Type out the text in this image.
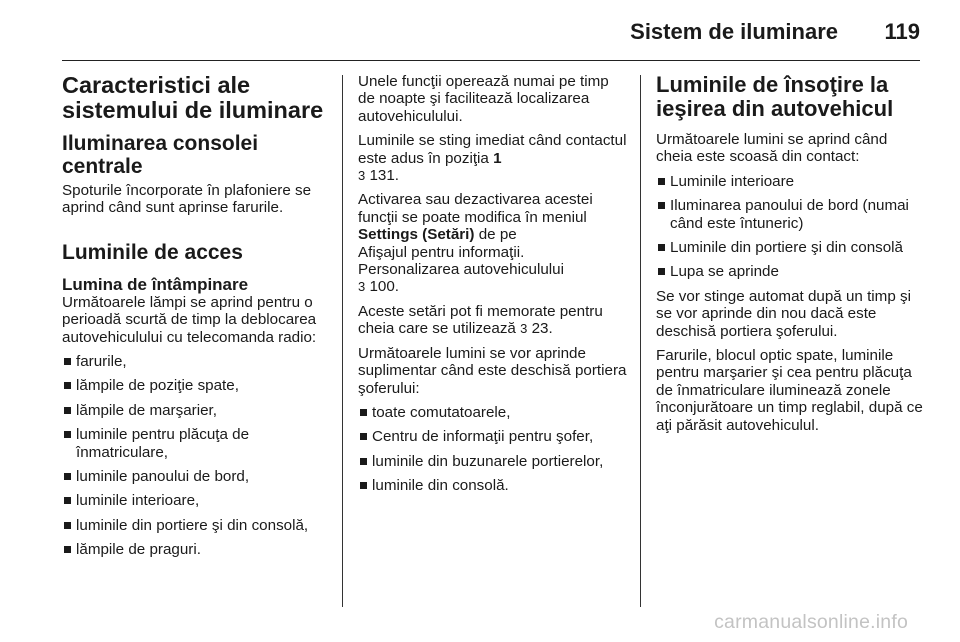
Sistem de iluminare 119
Caracteristici ale sistemului de iluminare
Iluminarea consolei centrale

Spoturile încorporate în plafoniere se aprind când sunt aprinse farurile.

Luminile de acces
Lumina de întâmpinare

Următoarele lămpi se aprind pentru o perioadă scurtă de timp la deblocarea autovehiculului cu telecomanda radio:

farurile,
lămpile de poziţie spate,
lămpile de marşarier,
luminile pentru plăcuţa de înmatriculare,
luminile panoului de bord,
luminile interioare,
luminile din portiere şi din consolă,
lămpile de praguri.

Unele funcţii operează numai pe timp de noapte şi facilitează localizarea autovehiculului.

Luminile se sting imediat când contactul este adus în poziţia 1
3 131.

Activarea sau dezactivarea acestei funcţii se poate modifica în meniul
Settings (Setări) de pe
Afişajul pentru informaţii.
Personalizarea autovehiculului
3 100.

Aceste setări pot fi memorate pentru cheia care se utilizează 3 23.

Următoarele lumini se vor aprinde suplimentar când este deschisă portiera şoferului:

toate comutatoarele,
Centru de informaţii pentru şofer,
luminile din buzunarele portierelor,
luminile din consolă.
Luminile de însoţire la ieşirea din autovehicul

Următoarele lumini se aprind când cheia este scoasă din contact:

Luminile interioare
Iluminarea panoului de bord (numai când este întuneric)
Luminile din portiere şi din consolă
Lupa se aprinde

Se vor stinge automat după un timp şi se vor aprinde din nou dacă este deschisă portiera şoferului.

Farurile, blocul optic spate, luminile pentru marşarier şi cea pentru plăcuţa de înmatriculare iluminează zonele înconjurătoare un timp reglabil, după ce aţi părăsit autovehiculul.

carmanualsonline.info
